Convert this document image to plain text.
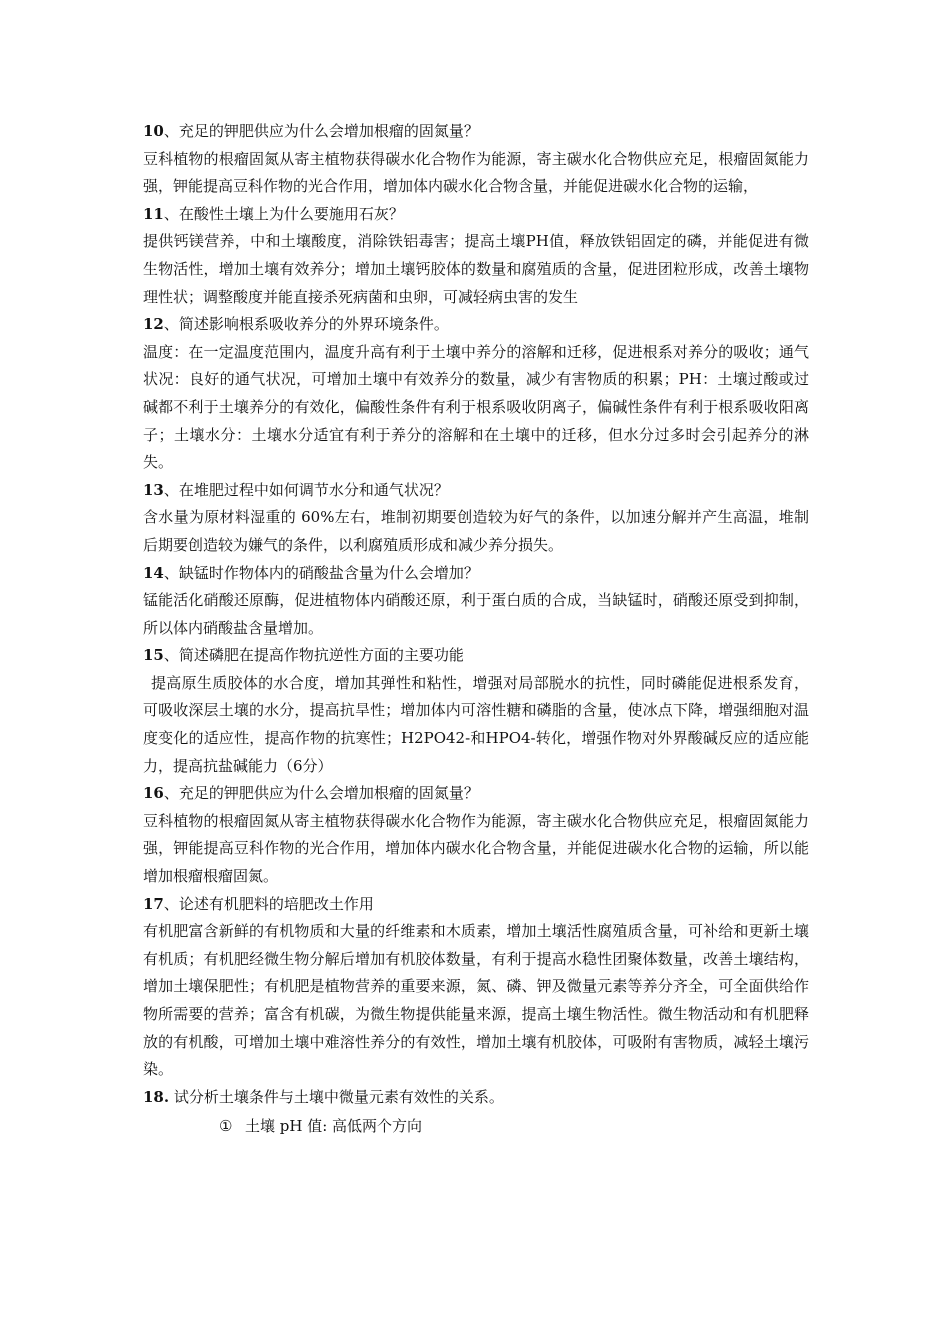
10、充足的钾肥供应为什么会增加根瘤的固氮量？
豆科植物的根瘤固氮从寄主植物获得碳水化合物作为能源，寄主碳水化合物供应充足，根瘤固氮能力强，钾能提高豆科作物的光合作用，增加体内碳水化合物含量，并能促进碳水化合物的运输，
11、在酸性土壤上为什么要施用石灰？
提供钙镁营养，中和土壤酸度，消除铁铝毒害；提高土壤PH值，释放铁铝固定的磷，并能促进有微生物活性，增加土壤有效养分；增加土壤钙胶体的数量和腐殖质的含量，促进团粒形成，改善土壤物理性状；调整酸度并能直接杀死病菌和虫卵，可减轻病虫害的发生
12、简述影响根系吸收养分的外界环境条件。
温度：在一定温度范围内，温度升高有利于土壤中养分的溶解和迁移，促进根系对养分的吸收；通气状况：良好的通气状况，可增加土壤中有效养分的数量，减少有害物质的积累；PH：土壤过酸或过碱都不利于土壤养分的有效化，偏酸性条件有利于根系吸收阴离子，偏碱性条件有利于根系吸收阳离子；土壤水分：土壤水分适宜有利于养分的溶解和在土壤中的迁移，但水分过多时会引起养分的淋失。
13、在堆肥过程中如何调节水分和通气状况？
含水量为原材料湿重的 60%左右，堆制初期要创造较为好气的条件，以加速分解并产生高温，堆制后期要创造较为嫌气的条件，以利腐殖质形成和减少养分损失。
14、缺锰时作物体内的硝酸盐含量为什么会增加？
锰能活化硝酸还原酶，促进植物体内硝酸还原，利于蛋白质的合成，当缺锰时，硝酸还原受到抑制，所以体内硝酸盐含量增加。
15、简述磷肥在提高作物抗逆性方面的主要功能
提高原生质胶体的水合度，增加其弹性和粘性，增强对局部脱水的抗性，同时磷能促进根系发育，可吸收深层土壤的水分，提高抗旱性；增加体内可溶性糖和磷脂的含量，使冰点下降，增强细胞对温度变化的适应性，提高作物的抗寒性；H2PO42-和HPO4-转化，增强作物对外界酸碱反应的适应能力，提高抗盐碱能力（6分）
16、充足的钾肥供应为什么会增加根瘤的固氮量？
豆科植物的根瘤固氮从寄主植物获得碳水化合物作为能源，寄主碳水化合物供应充足，根瘤固氮能力强，钾能提高豆科作物的光合作用，增加体内碳水化合物含量，并能促进碳水化合物的运输，所以能增加根瘤根瘤固氮。
17、论述有机肥料的培肥改土作用
有机肥富含新鲜的有机物质和大量的纤维素和木质素，增加土壤活性腐殖质含量，可补给和更新土壤有机质；有机肥经微生物分解后增加有机胶体数量，有利于提高水稳性团聚体数量，改善土壤结构，增加土壤保肥性；有机肥是植物营养的重要来源，氮、磷、钾及微量元素等养分齐全，可全面供给作物所需要的营养；富含有机碳，为微生物提供能量来源，提高土壤生物活性。微生物活动和有机肥释放的有机酸，可增加土壤中难溶性养分的有效性，增加土壤有机胶体，可吸附有害物质，减轻土壤污染。
18. 试分析土壤条件与土壤中微量元素有效性的关系。
① 土壤 pH 值: 高低两个方向
